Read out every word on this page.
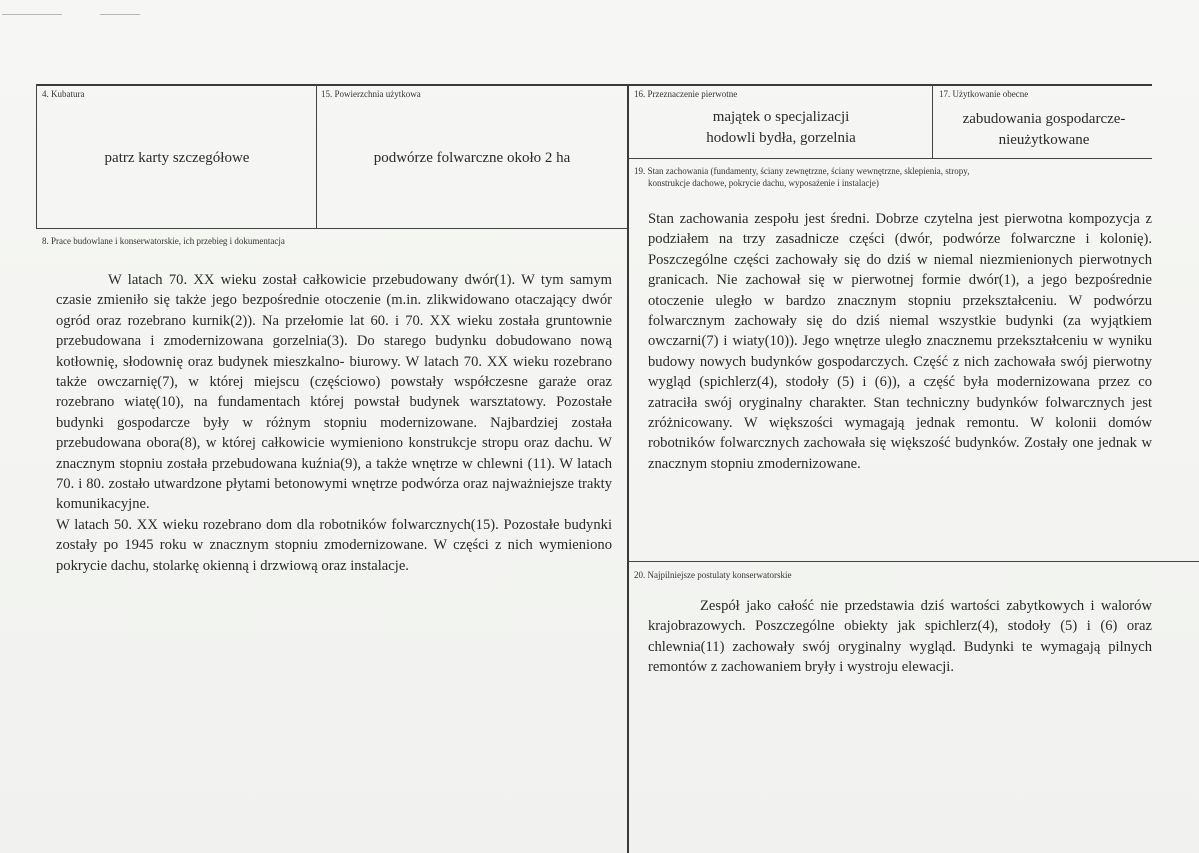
4. Kubatura
patrz karty szczegółowe
15. Powierzchnia użytkowa
podwórze folwarczne około 2 ha
16. Przeznaczenie pierwotne
majątek o specjalizacji
hodowli bydła, gorzelnia
17. Użytkowanie obecne
zabudowania gospodarcze-
nieużytkowane
8. Prace budowlane i konserwatorskie, ich przebieg i dokumentacja

W latach 70. XX wieku został całkowicie przebudowany dwór(1). W tym samym czasie zmieniło się także jego bezpośrednie otoczenie (m.in. zlikwidowano otaczający dwór ogród oraz rozebrano kurnik(2)). Na przełomie lat 60. i 70. XX wieku została gruntownie przebudowana i zmodernizowana gorzelnia(3). Do starego budynku dobudowano nową kotłownię, słodownię oraz budynek mieszkalno- biurowy. W latach 70. XX wieku rozebrano także owczarnię(7), w której miejscu (częściowo) powstały współczesne garaże oraz rozebrano wiatę(10), na fundamentach której powstał budynek warsztatowy. Pozostałe budynki gospodarcze były w różnym stopniu modernizowane. Najbardziej została przebudowana obora(8), w której całkowicie wymieniono konstrukcje stropu oraz dachu. W znacznym stopniu została przebudowana kuźnia(9), a także wnętrze w chlewni (11). W latach 70. i 80. zostało utwardzone płytami betonowymi wnętrze podwórza oraz najważniejsze trakty komunikacyjne.

W latach 50. XX wieku rozebrano dom dla robotników folwarcznych(15). Pozostałe budynki zostały po 1945 roku w znacznym stopniu zmodernizowane. W części z nich wymieniono pokrycie dachu, stolarkę okienną i drzwiową oraz instalacje.

19. Stan zachowania (fundamenty, ściany zewnętrzne, ściany wewnętrzne, sklepienia, stropy,
konstrukcje dachowe, pokrycie dachu, wyposażenie i instalacje)

Stan zachowania zespołu jest średni. Dobrze czytelna jest pierwotna kompozycja z podziałem na trzy zasadnicze części (dwór, podwórze folwarczne i kolonię). Poszczególne części zachowały się do dziś w niemal niezmienionych pierwotnych granicach. Nie zachował się w pierwotnej formie dwór(1), a jego bezpośrednie otoczenie uległo w bardzo znacznym stopniu przekształceniu. W podwórzu folwarcznym zachowały się do dziś niemal wszystkie budynki (za wyjątkiem owczarni(7) i wiaty(10)). Jego wnętrze uległo znacznemu przekształceniu w wyniku budowy nowych budynków gospodarczych. Część z nich zachowała swój pierwotny wygląd (spichlerz(4), stodoły (5) i (6)), a część była modernizowana przez co zatraciła swój oryginalny charakter. Stan techniczny budynków folwarcznych jest zróżnicowany. W większości wymagają jednak remontu. W kolonii domów robotników folwarcznych zachowała się większość budynków. Zostały one jednak w znacznym stopniu zmodernizowane.

20. Najpilniejsze postulaty konserwatorskie

Zespół jako całość nie przedstawia dziś wartości zabytkowych i walorów krajobrazowych. Poszczególne obiekty jak spichlerz(4), stodoły (5) i (6) oraz chlewnia(11) zachowały swój oryginalny wygląd. Budynki te wymagają pilnych remontów z zachowaniem bryły i wystroju elewacji.
